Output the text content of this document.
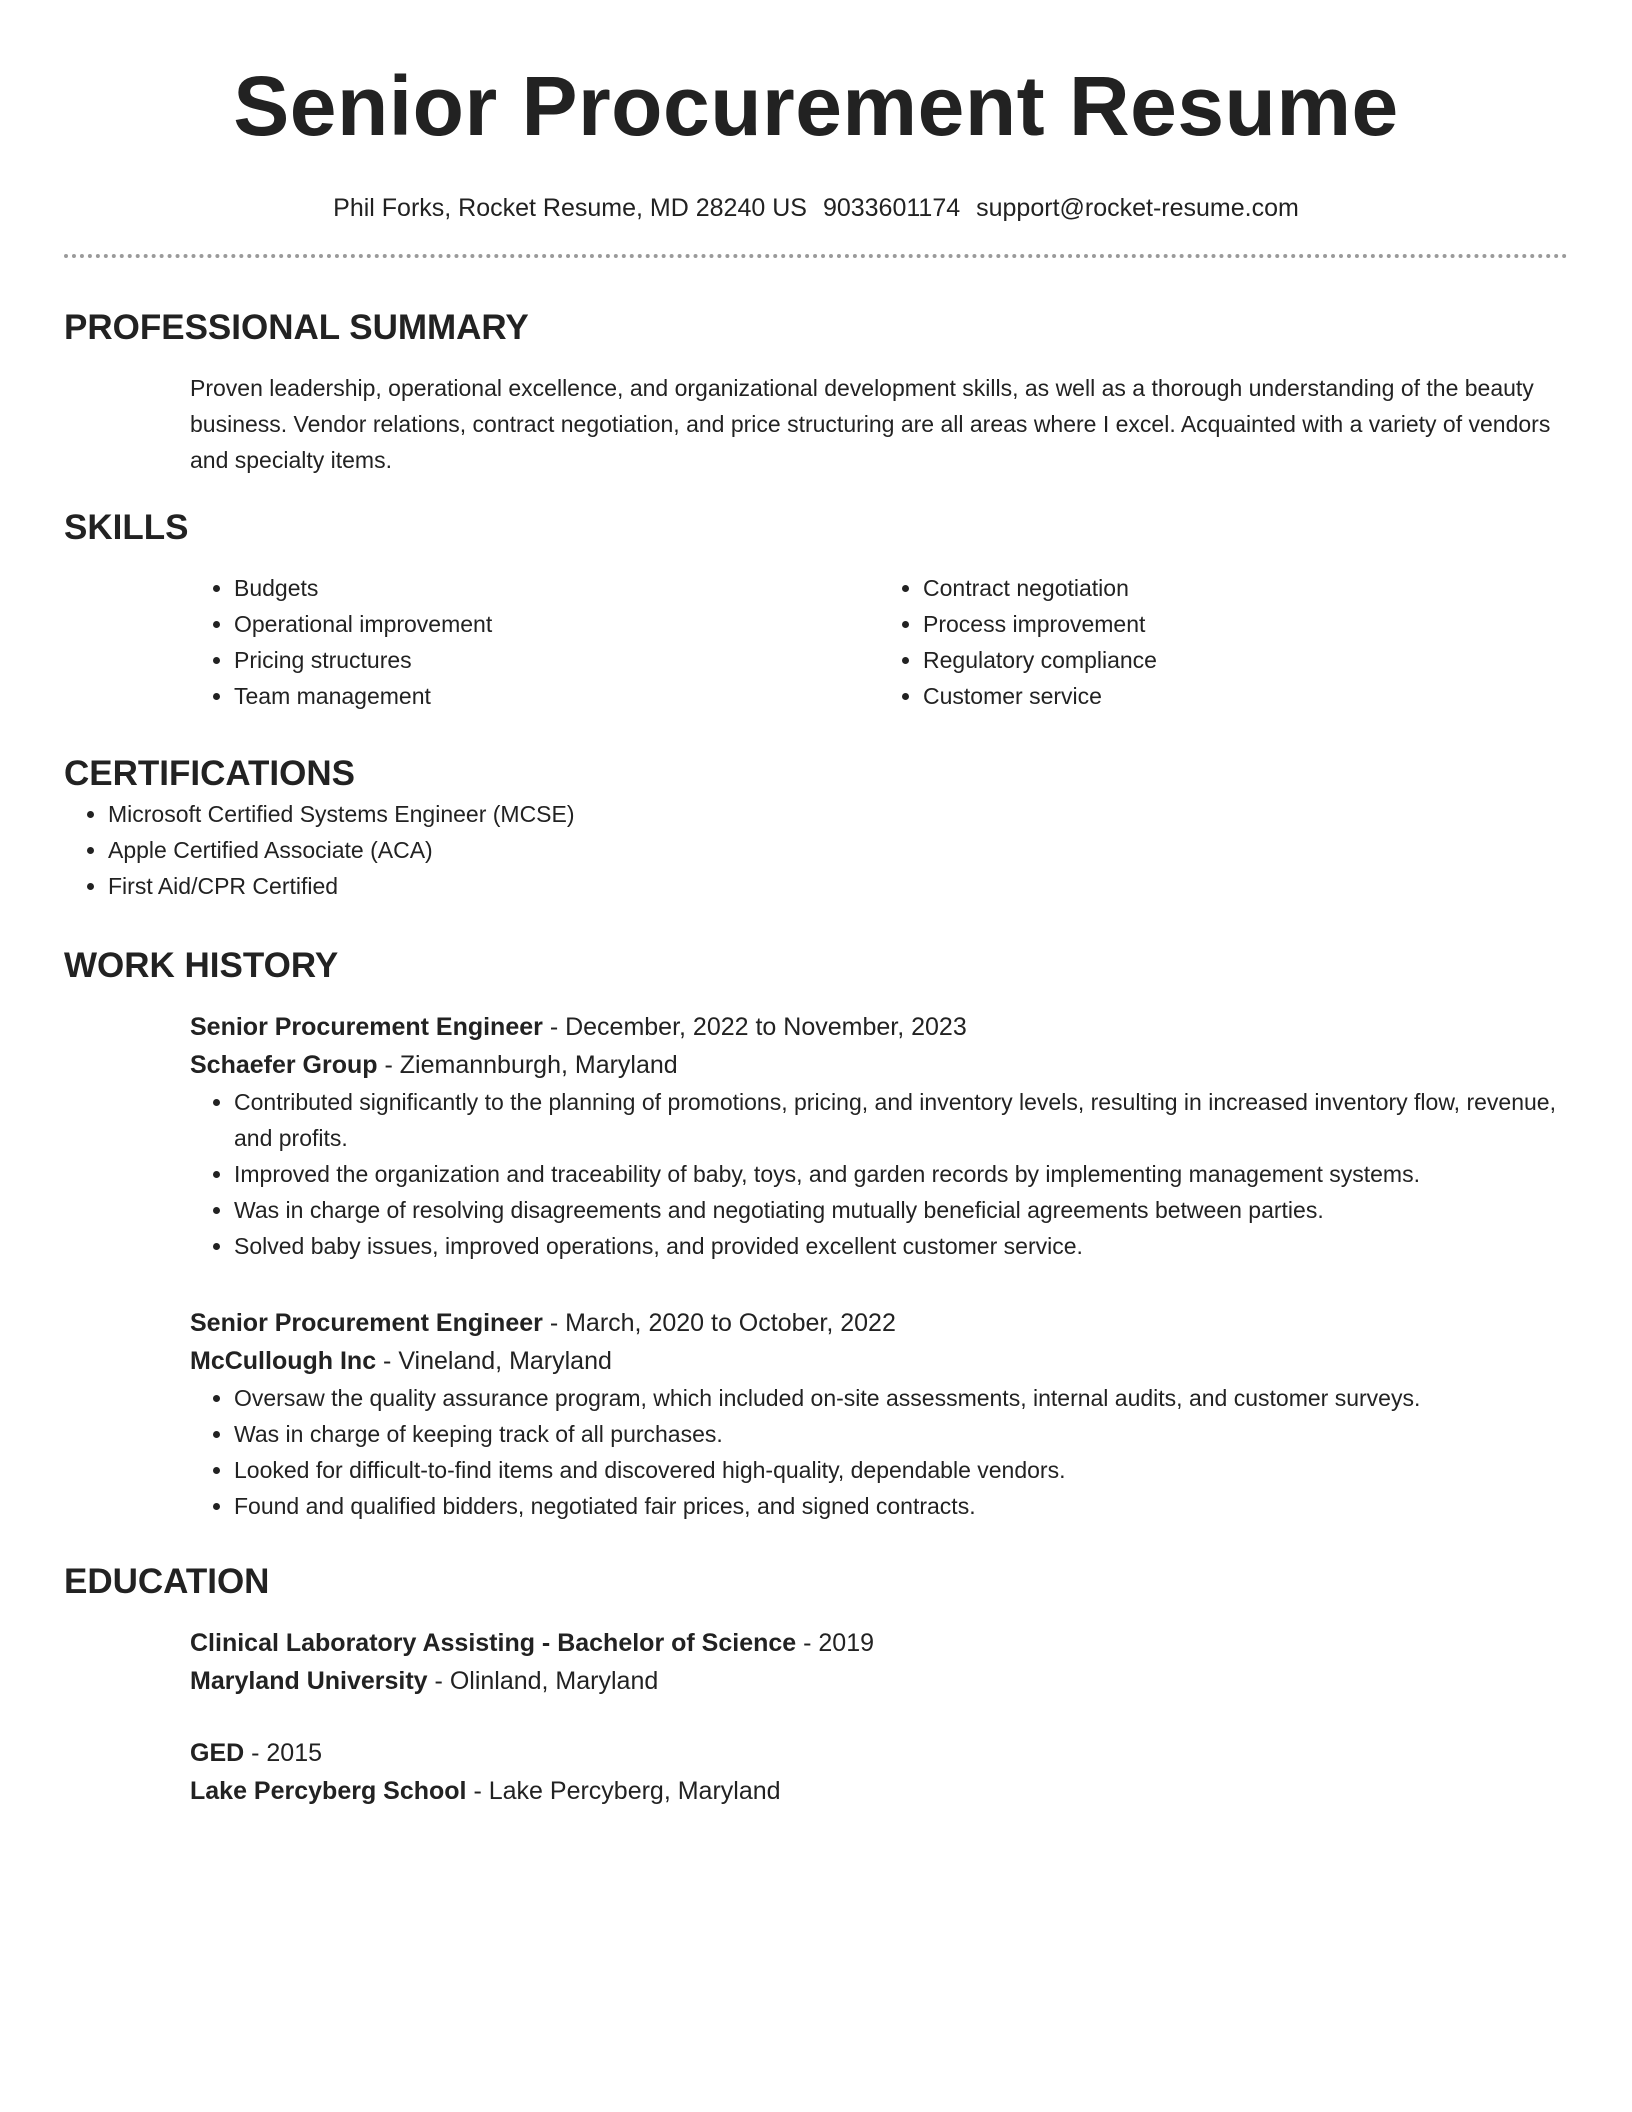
Senior Procurement Resume
Phil Forks, Rocket Resume, MD 28240 US 9033601174 support@rocket-resume.com
PROFESSIONAL SUMMARY
Proven leadership, operational excellence, and organizational development skills, as well as a thorough understanding of the beauty business. Vendor relations, contract negotiation, and price structuring are all areas where I excel. Acquainted with a variety of vendors and specialty items.
SKILLS
• Budgets
• Operational improvement
• Pricing structures
• Team management
• Contract negotiation
• Process improvement
• Regulatory compliance
• Customer service
CERTIFICATIONS
• Microsoft Certified Systems Engineer (MCSE)
• Apple Certified Associate (ACA)
• First Aid/CPR Certified
WORK HISTORY
Senior Procurement Engineer - December, 2022 to November, 2023
Schaefer Group - Ziemannburgh, Maryland
• Contributed significantly to the planning of promotions, pricing, and inventory levels, resulting in increased inventory flow, revenue, and profits.
• Improved the organization and traceability of baby, toys, and garden records by implementing management systems.
• Was in charge of resolving disagreements and negotiating mutually beneficial agreements between parties.
• Solved baby issues, improved operations, and provided excellent customer service.
Senior Procurement Engineer - March, 2020 to October, 2022
McCullough Inc - Vineland, Maryland
• Oversaw the quality assurance program, which included on-site assessments, internal audits, and customer surveys.
• Was in charge of keeping track of all purchases.
• Looked for difficult-to-find items and discovered high-quality, dependable vendors.
• Found and qualified bidders, negotiated fair prices, and signed contracts.
EDUCATION
Clinical Laboratory Assisting - Bachelor of Science - 2019
Maryland University - Olinland, Maryland
GED - 2015
Lake Percyberg School - Lake Percyberg, Maryland
